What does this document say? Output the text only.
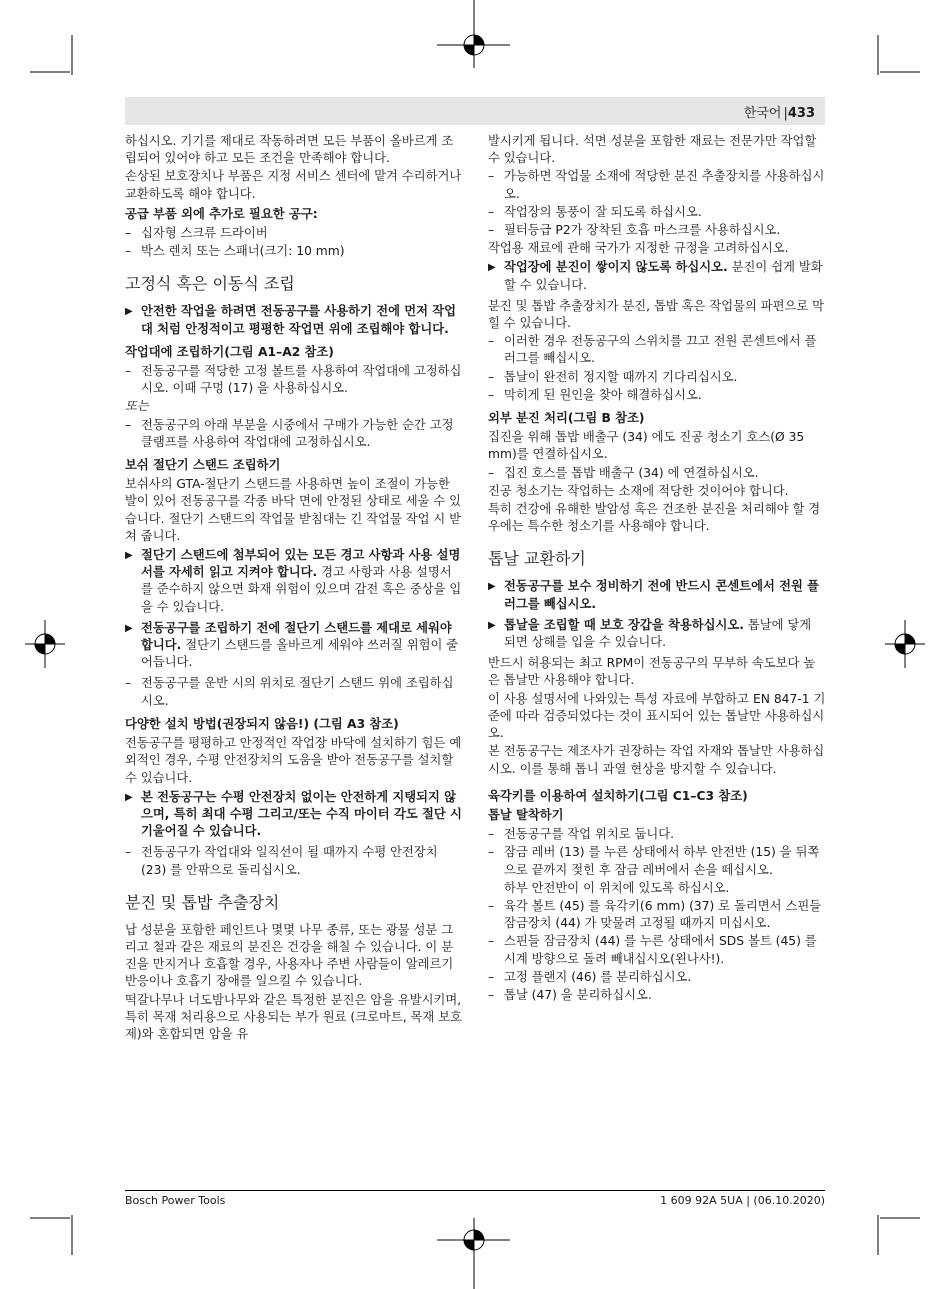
한국어 |433

하십시오. 기기를 제대로 작동하려면 모든 부품이 올바르게 조립되어 있어야 하고 모든 조건을 만족해야 합니다.

손상된 보호장치나 부품은 지정 서비스 센터에 맡겨 수리하거나 교환하도록 해야 합니다.

공급 부품 외에 추가로 필요한 공구:

– 십자형 스크류 드라이버

– 박스 렌치 또는 스패너(크기: 10 mm)

고정식 혹은 이동식 조립

▶ 안전한 작업을 하려면 전동공구를 사용하기 전에 먼저 작업대 처럼 안정적이고 평평한 작업면 위에 조립해야 합니다.

작업대에 조립하기(그림 A1–A2 참조)

– 전동공구를 적당한 고정 볼트를 사용하여 작업대에 고정하십시오. 이때 구멍 (17) 을 사용하십시오.

또는

– 전동공구의 아래 부분을 시중에서 구매가 가능한 순간 고정 클램프를 사용하여 작업대에 고정하십시오.

보쉬 절단기 스탠드 조립하기

보쉬사의 GTA-절단기 스탠드를 사용하면 높이 조절이 가능한 발이 있어 전동공구를 각종 바닥 면에 안정된 상태로 세울 수 있습니다. 절단기 스탠드의 작업물 받침대는 긴 작업물 작업 시 받쳐 줍니다.

▶ 절단기 스탠드에 첨부되어 있는 모든 경고 사항과 사용 설명서를 자세히 읽고 지켜야 합니다. 경고 사항과 사용 설명서를 준수하지 않으면 화재 위험이 있으며 감전 혹은 중상을 입을 수 있습니다.

▶ 전동공구를 조립하기 전에 절단기 스탠드를 제대로 세워야 합니다. 절단기 스탠드를 올바르게 세워야 쓰러질 위험이 줄어듭니다.

– 전동공구를 운반 시의 위치로 절단기 스탠드 위에 조립하십시오.

다양한 설치 방법(권장되지 않음!) (그림 A3 참조)

전동공구를 평평하고 안정적인 작업장 바닥에 설치하기 힘든 예외적인 경우, 수평 안전장치의 도움을 받아 전동공구를 설치할 수 있습니다.

▶ 본 전동공구는 수평 안전장치 없이는 안전하게 지탱되지 않으며, 특히 최대 수평 그리고/또는 수직 마이터 각도 절단 시 기울어질 수 있습니다.

– 전동공구가 작업대와 일직선이 될 때까지 수평 안전장치 (23) 를 안팎으로 돌리십시오.

분진 및 톱밥 추출장치

납 성분을 포함한 페인트나 몇몇 나무 종류, 또는 광물 성분 그리고 철과 같은 재료의 분진은 건강을 해칠 수 있습니다. 이 분진을 만지거나 호흡할 경우, 사용자나 주변 사람들이 알레르기 반응이나 호흡기 장애를 일으킬 수 있습니다.

떡갈나무나 너도밤나무와 같은 특정한 분진은 암을 유발시키며, 특히 목재 처리용으로 사용되는 부가 원료 (크로마트, 목재 보호제)와 혼합되면 암을 유

발시키게 됩니다. 석면 성분을 포함한 재료는 전문가만 작업할 수 있습니다.

– 가능하면 작업물 소재에 적당한 분진 추출장치를 사용하십시오.

– 작업장의 통풍이 잘 되도록 하십시오.

– 필터등급 P2가 장착된 호흡 마스크를 사용하십시오.

작업용 재료에 관해 국가가 지정한 규정을 고려하십시오.

▶ 작업장에 분진이 쌓이지 않도록 하십시오. 분진이 쉽게 발화할 수 있습니다.

분진 및 톱밥 추출장치가 분진, 톱밥 혹은 작업물의 파편으로 막힐 수 있습니다.

– 이러한 경우 전동공구의 스위치를 끄고 전원 콘센트에서 플러그를 빼십시오.

– 톱날이 완전히 정지할 때까지 기다리십시오.

– 막히게 된 원인을 찾아 해결하십시오.

외부 분진 처리(그림 B 참조)

집진을 위해 톱밥 배출구 (34) 에도 진공 청소기 호스(Ø 35 mm)를 연결하십시오.

– 집진 호스를 톱밥 배출구 (34) 에 연결하십시오.

진공 청소기는 작업하는 소재에 적당한 것이어야 합니다.

특히 건강에 유해한 발암성 혹은 건조한 분진을 처리해야 할 경우에는 특수한 청소기를 사용해야 합니다.

톱날 교환하기

▶ 전동공구를 보수 정비하기 전에 반드시 콘센트에서 전원 플러그를 빼십시오.

▶ 톱날을 조립할 때 보호 장갑을 착용하십시오. 톱날에 닿게 되면 상해를 입을 수 있습니다.

반드시 허용되는 최고 RPM이 전동공구의 무부하 속도보다 높은 톱날만 사용해야 합니다.

이 사용 설명서에 나와있는 특성 자료에 부합하고 EN 847-1 기준에 따라 검증되었다는 것이 표시되어 있는 톱날만 사용하십시오.

본 전동공구는 제조사가 권장하는 작업 자재와 톱날만 사용하십시오. 이를 통해 톱니 과열 현상을 방지할 수 있습니다.

육각키를 이용하여 설치하기(그림 C1–C3 참조)

톱날 탈착하기

– 전동공구를 작업 위치로 둡니다.

– 잠금 레버 (13) 를 누른 상태에서 하부 안전반 (15) 을 뒤쪽으로 끝까지 젖힌 후 잠금 레버에서 손을 떼십시오.

하부 안전반이 이 위치에 있도록 하십시오.

– 육각 볼트 (45) 를 육각키(6 mm) (37) 로 돌리면서 스핀들 잠금장치 (44) 가 맞물려 고정될 때까지 미십시오.

– 스핀들 잠금장치 (44) 를 누른 상태에서 SDS 볼트 (45) 를 시계 방향으로 돌려 빼내십시오(왼나사!).

– 고정 플랜지 (46) 를 분리하십시오.

– 톱날 (47) 을 분리하십시오.

Bosch Power Tools	1 609 92A 5UA | (06.10.2020)
